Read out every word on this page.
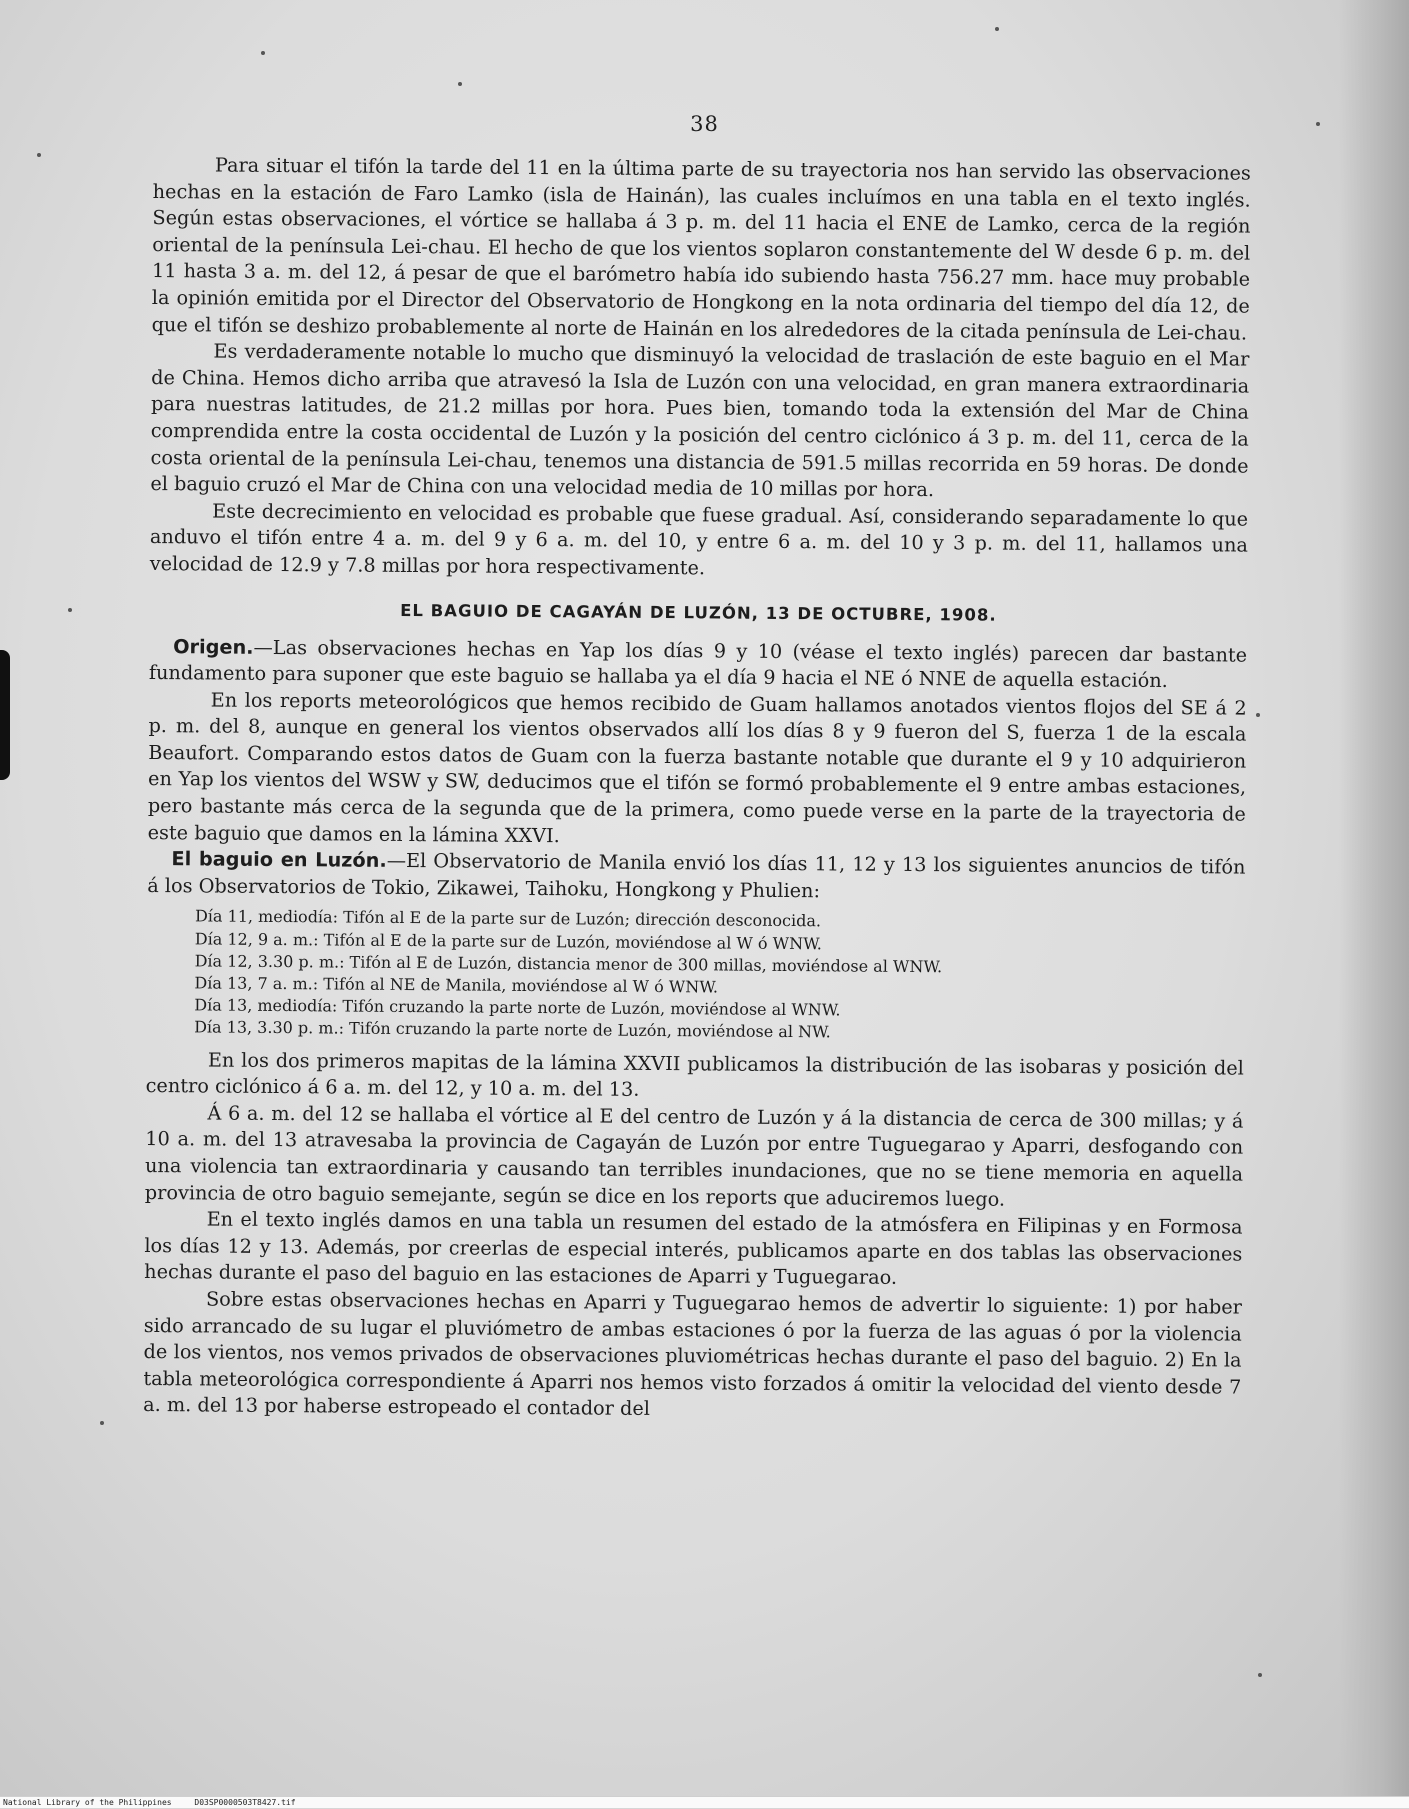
38

Para situar el tifón la tarde del 11 en la última parte de su trayectoria nos han servido las observaciones hechas en la estación de Faro Lamko (isla de Hainán), las cuales incluímos en una tabla en el texto inglés. Según estas observaciones, el vórtice se hallaba á 3 p. m. del 11 hacia el ENE de Lamko, cerca de la región oriental de la península Lei-chau. El hecho de que los vientos soplaron constantemente del W desde 6 p. m. del 11 hasta 3 a. m. del 12, á pesar de que el barómetro había ido subiendo hasta 756.27 mm. hace muy probable la opinión emitida por el Director del Observatorio de Hongkong en la nota ordinaria del tiempo del día 12, de que el tifón se deshizo probablemente al norte de Hainán en los alrededores de la citada península de Lei-chau.

Es verdaderamente notable lo mucho que disminuyó la velocidad de traslación de este baguio en el Mar de China. Hemos dicho arriba que atravesó la Isla de Luzón con una velocidad, en gran manera extraordinaria para nuestras latitudes, de 21.2 millas por hora. Pues bien, tomando toda la extensión del Mar de China comprendida entre la costa occidental de Luzón y la posición del centro ciclónico á 3 p. m. del 11, cerca de la costa oriental de la península Lei-chau, tenemos una distancia de 591.5 millas recorrida en 59 horas. De donde el baguio cruzó el Mar de China con una velocidad media de 10 millas por hora.

Este decrecimiento en velocidad es probable que fuese gradual. Así, considerando separadamente lo que anduvo el tifón entre 4 a. m. del 9 y 6 a. m. del 10, y entre 6 a. m. del 10 y 3 p. m. del 11, hallamos una velocidad de 12.9 y 7.8 millas por hora respectivamente.

EL BAGUIO DE CAGAYÁN DE LUZÓN, 13 DE OCTUBRE, 1908.

Origen.—Las observaciones hechas en Yap los días 9 y 10 (véase el texto inglés) parecen dar bastante fundamento para suponer que este baguio se hallaba ya el día 9 hacia el NE ó NNE de aquella estación.

En los reports meteorológicos que hemos recibido de Guam hallamos anotados vientos flojos del SE á 2 p. m. del 8, aunque en general los vientos observados allí los días 8 y 9 fueron del S, fuerza 1 de la escala Beaufort. Comparando estos datos de Guam con la fuerza bastante notable que durante el 9 y 10 adquirieron en Yap los vientos del WSW y SW, deducimos que el tifón se formó probablemente el 9 entre ambas estaciones, pero bastante más cerca de la segunda que de la primera, como puede verse en la parte de la trayectoria de este baguio que damos en la lámina XXVI.

El baguio en Luzón.—El Observatorio de Manila envió los días 11, 12 y 13 los siguientes anuncios de tifón á los Observatorios de Tokio, Zikawei, Taihoku, Hongkong y Phulien:

Día 11, mediodía: Tifón al E de la parte sur de Luzón; dirección desconocida.
Día 12, 9 a. m.: Tifón al E de la parte sur de Luzón, moviéndose al W ó WNW.
Día 12, 3.30 p. m.: Tifón al E de Luzón, distancia menor de 300 millas, moviéndose al WNW.
Día 13, 7 a. m.: Tifón al NE de Manila, moviéndose al W ó WNW.
Día 13, mediodía: Tifón cruzando la parte norte de Luzón, moviéndose al WNW.
Día 13, 3.30 p. m.: Tifón cruzando la parte norte de Luzón, moviéndose al NW.

En los dos primeros mapitas de la lámina XXVII publicamos la distribución de las isobaras y posición del centro ciclónico á 6 a. m. del 12, y 10 a. m. del 13.

Á 6 a. m. del 12 se hallaba el vórtice al E del centro de Luzón y á la distancia de cerca de 300 millas; y á 10 a. m. del 13 atravesaba la provincia de Cagayán de Luzón por entre Tuguegarao y Aparri, desfogando con una violencia tan extraordinaria y causando tan terribles inundaciones, que no se tiene memoria en aquella provincia de otro baguio semejante, según se dice en los reports que aduciremos luego.

En el texto inglés damos en una tabla un resumen del estado de la atmósfera en Filipinas y en Formosa los días 12 y 13. Además, por creerlas de especial interés, publicamos aparte en dos tablas las observaciones hechas durante el paso del baguio en las estaciones de Aparri y Tuguegarao.

Sobre estas observaciones hechas en Aparri y Tuguegarao hemos de advertir lo siguiente: 1) por haber sido arrancado de su lugar el pluviómetro de ambas estaciones ó por la fuerza de las aguas ó por la violencia de los vientos, nos vemos privados de observaciones pluviométricas hechas durante el paso del baguio. 2) En la tabla meteorológica correspondiente á Aparri nos hemos visto forzados á omitir la velocidad del viento desde 7 a. m. del 13 por haberse estropeado el contador del

National Library of the Philippines	D03SP0000503T8427.tif
